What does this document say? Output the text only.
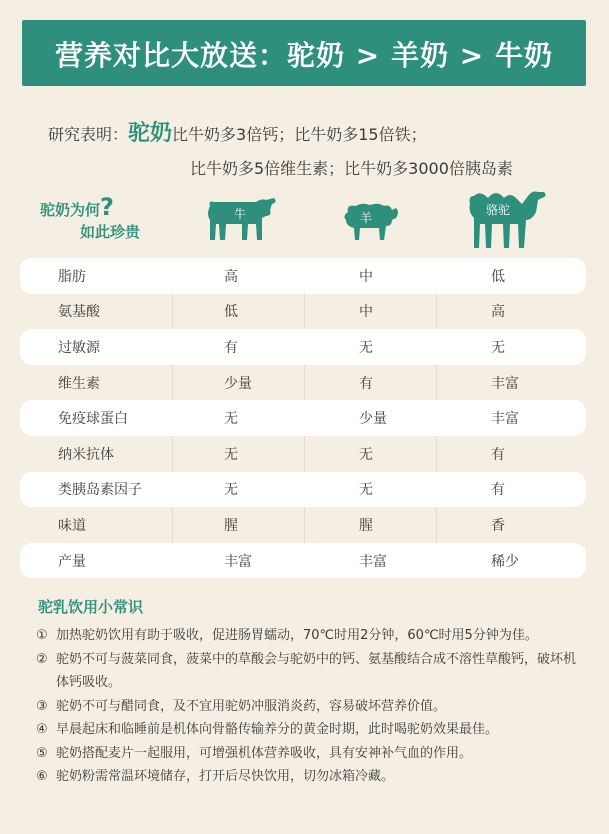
营养对比大放送：驼奶 > 羊奶 > 牛奶
研究表明：驼奶比牛奶多3倍钙；比牛奶多15倍铁；
比牛奶多5倍维生素；比牛奶多3000倍胰岛素
驼奶为何?
如此珍贵
牛	羊
骆驼
脂肪	高	中	低
氨基酸	低	中	高
过敏源	有	无	无
维生素	少量	有	丰富
免疫球蛋白	无	少量	丰富
纳米抗体	无	无	有
类胰岛素因子	无	无	有
味道	腥	腥	香
产量	丰富	丰富	稀少
驼乳饮用小常识
① 加热驼奶饮用有助于吸收，促进肠胃蠕动，70℃时用2分钟，60℃时用5分钟为佳。
② 驼奶不可与菠菜同食，菠菜中的草酸会与驼奶中的钙、氨基酸结合成不溶性草酸钙，破坏机体钙吸收。
③ 驼奶不可与醋同食，及不宜用驼奶冲服消炎药，容易破坏营养价值。
④ 早晨起床和临睡前是机体向骨骼传输养分的黄金时期，此时喝驼奶效果最佳。
⑤ 驼奶搭配麦片一起服用，可增强机体营养吸收，具有安神补气血的作用。
⑥ 驼奶粉需常温环境储存，打开后尽快饮用，切勿冰箱冷藏。
